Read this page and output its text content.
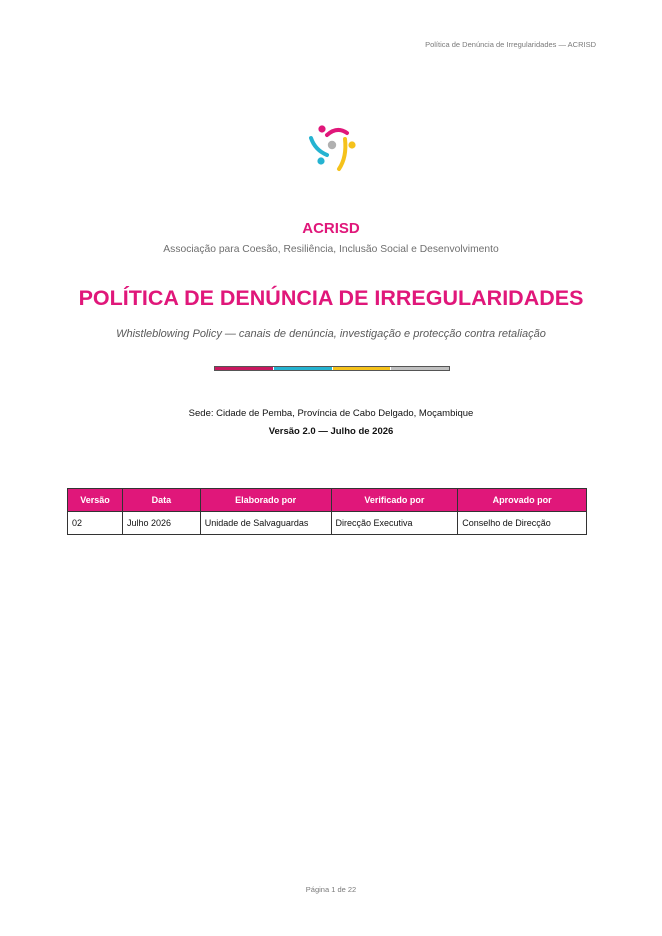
Política de Denúncia de Irregularidades — ACRISD
ACRISD
Associação para Coesão, Resiliência, Inclusão Social e Desenvolvimento
POLÍTICA DE DENÚNCIA DE IRREGULARIDADES
Whistleblowing Policy — canais de denúncia, investigação e protecção contra retaliação
Sede: Cidade de Pemba, Província de Cabo Delgado, Moçambique
Versão 2.0 — Julho de 2026
Versão	Data	Elaborado por	Verificado por	Aprovado por
02	Julho 2026	Unidade de Salvaguardas	Direcção Executiva	Conselho de Direcção
Página 1 de 22
